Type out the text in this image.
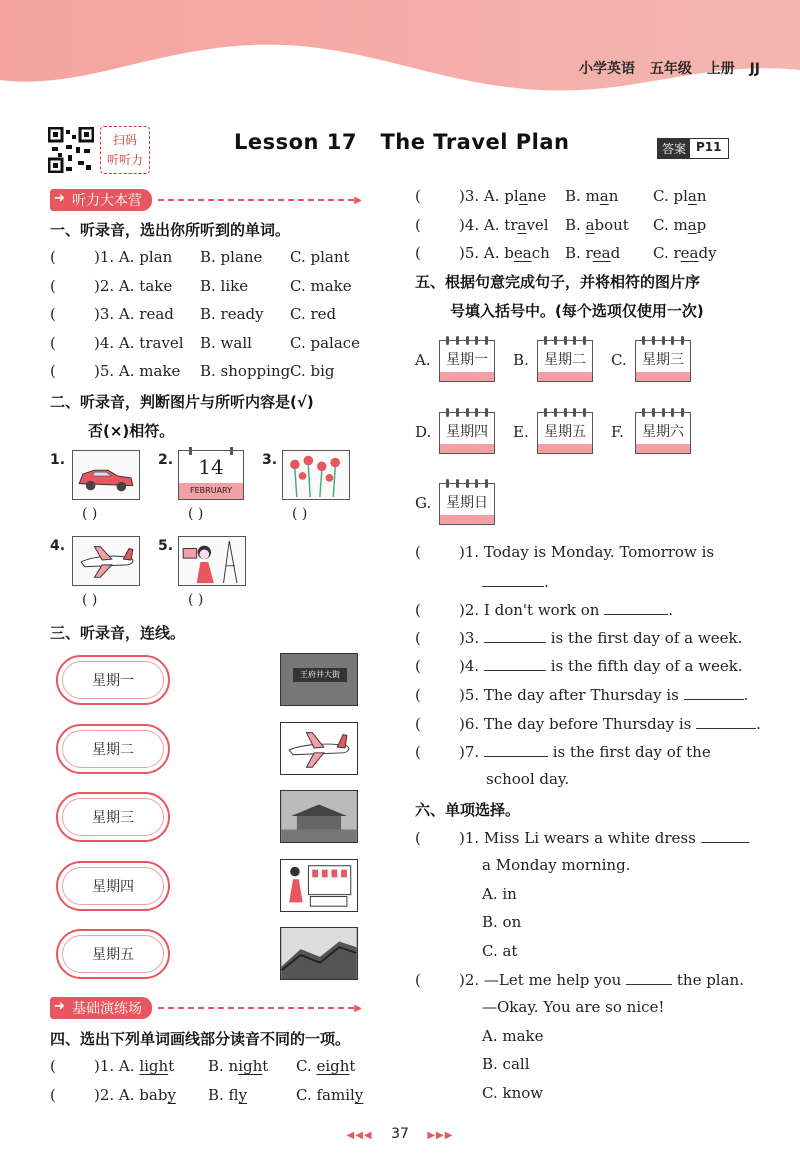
小学英语 五年级 上册 JJ
扫码
听听力
Lesson 17   The Travel Plan	答案 P11
➜ 听力大本营	▶
一、听录音，选出你所听到的单词。
(	)1. A. plan B. plane C. plant
(	)2. A. take B. like	C. make
(	)3. A. read B. ready C. red
(	)4. A. travel B. wall	C. palace
(	)5. A. make B. shopping C. big
二、听录音，判断图片与所听内容是(√)
否(×)相符。
1.	2.	14
FEBRUARY
3.
( )	( )	( )
4.	5.
( )	( )
三、听录音，连线。
星期一
星期二
星期三
星期四
星期五
王府井大街
➜ 基础演练场	▶
四、选出下列单词画线部分读音不同的一项。
(	)1. A. light B. night C. eight
(	)2. A. baby B. fly	C. family
(	)3. A. plane B. man C. plan
(	)4. A. travel B. about C. map
(	)5. A. beach B. read C. ready
五、根据句意完成句子，并将相符的图片序
号填入括号中。(每个选项仅使用一次)
A.	星期一	B.	星期二	C.	星期三
D.	星期四	E.	星期五	F.	星期六
G.	星期日
(	)1. Today is Monday. Tomorrow is
.
(	)2. I don't work on	.
(	)3.	is the first day of a week.
(	)4.	is the fifth day of a week.
(	)5. The day after Thursday is	.
(	)6. The day before Thursday is	.
(	)7.	is the first day of the
school day.
六、单项选择。
(	)1. Miss Li wears a white dress
a Monday morning.
A. in
B. on
C. at
(	)2. —Let me help you	the plan.
—Okay. You are so nice!
A. make
B. call
C. know
◀◀◀ 37 ▶▶▶
